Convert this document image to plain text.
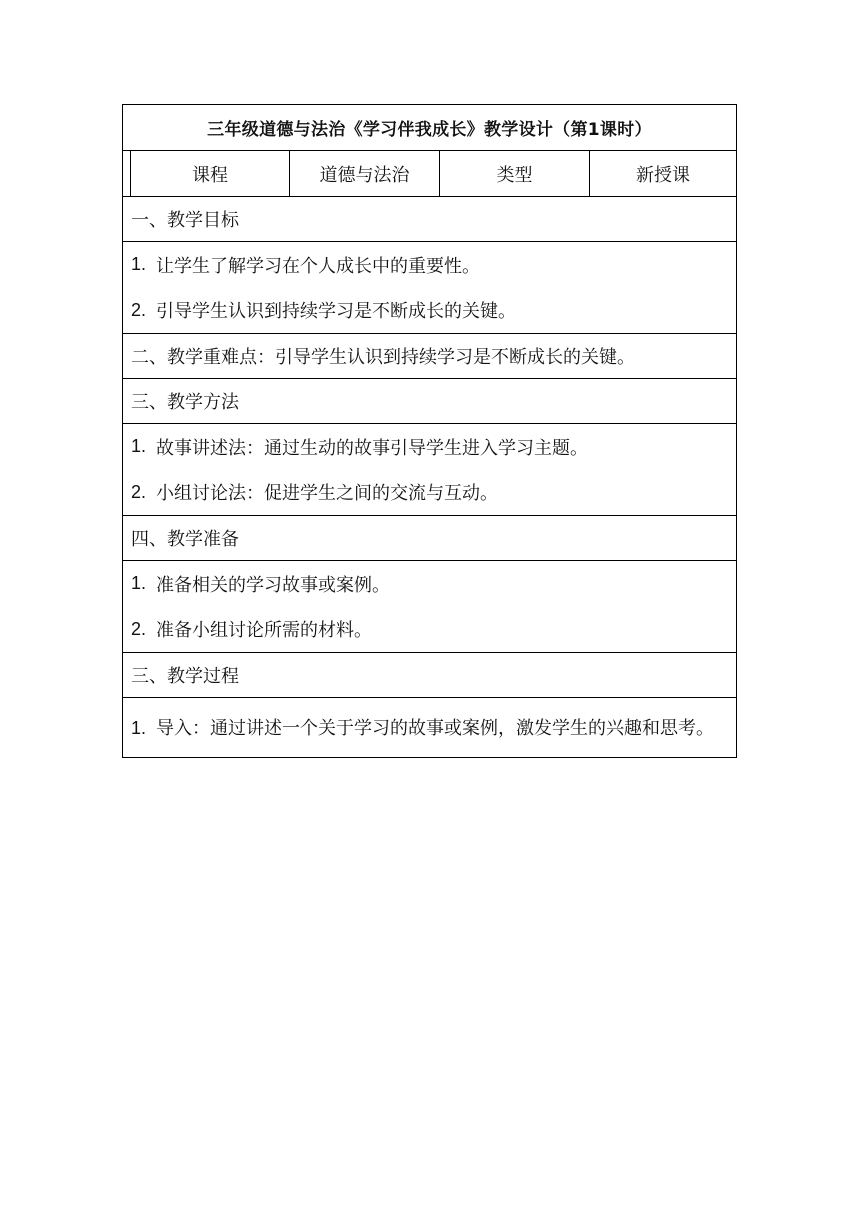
三年级道德与法治《学习伴我成长》教学设计（第1课时）
课程	道德与法治	类型	新授课
一、教学目标
1. 让学生了解学习在个人成长中的重要性。
2. 引导学生认识到持续学习是不断成长的关键。
二、教学重难点：引导学生认识到持续学习是不断成长的关键。
三、教学方法
1. 故事讲述法：通过生动的故事引导学生进入学习主题。
2. 小组讨论法：促进学生之间的交流与互动。
四、教学准备
1. 准备相关的学习故事或案例。
2. 准备小组讨论所需的材料。
三、教学过程
1. 导入：通过讲述一个关于学习的故事或案例，激发学生的兴趣和思考。
